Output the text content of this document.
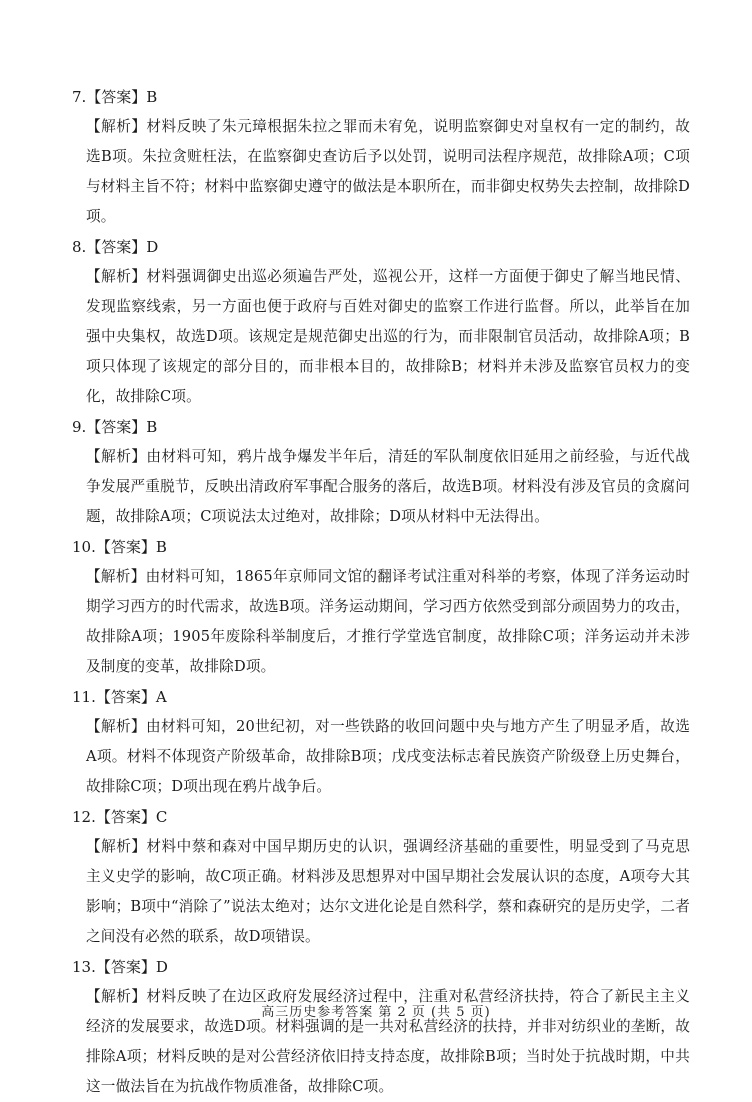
7.【答案】B
【解析】材料反映了朱元璋根据朱拉之罪而未宥免，说明监察御史对皇权有一定的制约，故选B项。朱拉贪赃枉法，在监察御史查访后予以处罚，说明司法程序规范，故排除A项；C项与材料主旨不符；材料中监察御史遵守的做法是本职所在，而非御史权势失去控制，故排除D项。
8.【答案】D
【解析】材料强调御史出巡必须遍告严处，巡视公开，这样一方面便于御史了解当地民情、发现监察线索，另一方面也便于政府与百姓对御史的监察工作进行监督。所以，此举旨在加强中央集权，故选D项。该规定是规范御史出巡的行为，而非限制官员活动，故排除A项；B项只体现了该规定的部分目的，而非根本目的，故排除B；材料并未涉及监察官员权力的变化，故排除C项。
9.【答案】B
【解析】由材料可知，鸦片战争爆发半年后，清廷的军队制度依旧延用之前经验，与近代战争发展严重脱节，反映出清政府军事配合服务的落后，故选B项。材料没有涉及官员的贪腐问题，故排除A项；C项说法太过绝对，故排除；D项从材料中无法得出。
10.【答案】B
【解析】由材料可知，1865年京师同文馆的翻译考试注重对科举的考察，体现了洋务运动时期学习西方的时代需求，故选B项。洋务运动期间，学习西方依然受到部分顽固势力的攻击，故排除A项；1905年废除科举制度后，才推行学堂选官制度，故排除C项；洋务运动并未涉及制度的变革，故排除D项。
11.【答案】A
【解析】由材料可知，20世纪初，对一些铁路的收回问题中央与地方产生了明显矛盾，故选A项。材料不体现资产阶级革命，故排除B项；戊戌变法标志着民族资产阶级登上历史舞台，故排除C项；D项出现在鸦片战争后。
12.【答案】C
【解析】材料中蔡和森对中国早期历史的认识，强调经济基础的重要性，明显受到了马克思主义史学的影响，故C项正确。材料涉及思想界对中国早期社会发展认识的态度，A项夸大其影响；B项中“消除了”说法太绝对；达尔文进化论是自然科学，蔡和森研究的是历史学，二者之间没有必然的联系，故D项错误。
13.【答案】D
【解析】材料反映了在边区政府发展经济过程中，注重对私营经济扶持，符合了新民主主义经济的发展要求，故选D项。材料强调的是一共对私营经济的扶持，并非对纺织业的垄断，故排除A项；材料反映的是对公营经济依旧持支持态度，故排除B项；当时处于抗战时期，中共这一做法旨在为抗战作物质准备，故排除C项。
高三历史参考答案 第 2 页 (共 5 页)
